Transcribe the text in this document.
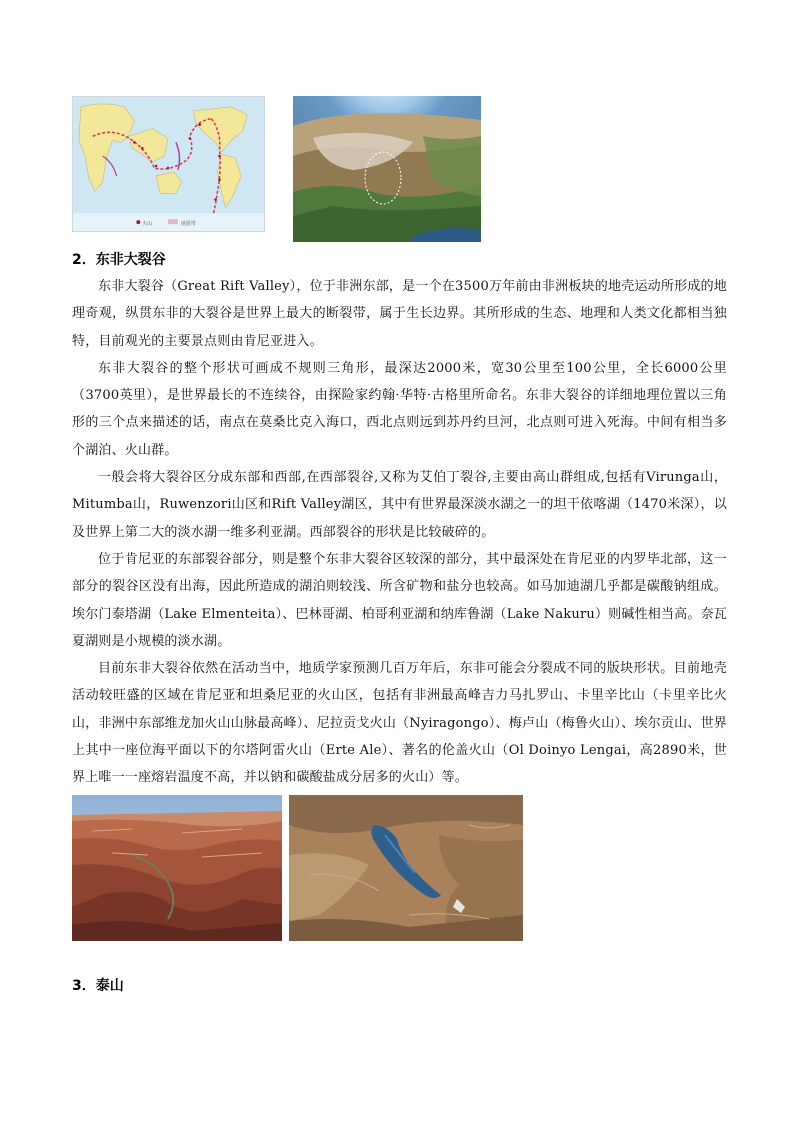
火山	地震带
2．东非大裂谷

东非大裂谷（Great Rift Valley），位于非洲东部，是一个在3500万年前由非洲板块的地壳运动所形成的地理奇观，纵贯东非的大裂谷是世界上最大的断裂带，属于生长边界。其所形成的生态、地理和人类文化都相当独特，目前观光的主要景点则由肯尼亚进入。

东非大裂谷的整个形状可画成不规则三角形，最深达2000米，宽30公里至100公里，全长6000公里（3700英里），是世界最长的不连续谷，由探险家约翰·华特·古格里所命名。东非大裂谷的详细地理位置以三角形的三个点来描述的话，南点在莫桑比克入海口，西北点则远到苏丹约旦河，北点则可进入死海。中间有相当多个湖泊、火山群。

一般会将大裂谷区分成东部和西部,在西部裂谷,又称为艾伯丁裂谷,主要由高山群组成,包括有Virunga山，Mitumba山，Ruwenzori山区和Rift Valley湖区，其中有世界最深淡水湖之一的坦干依喀湖（1470米深），以及世界上第二大的淡水湖一维多利亚湖。西部裂谷的形状是比较破碎的。

位于肯尼亚的东部裂谷部分，则是整个东非大裂谷区较深的部分，其中最深处在肯尼亚的内罗毕北部，这一部分的裂谷区没有出海，因此所造成的湖泊则较浅、所含矿物和盐分也较高。如马加迪湖几乎都是碳酸钠组成。埃尔门泰塔湖（Lake Elmenteita）、巴林哥湖、柏哥利亚湖和纳库鲁湖（Lake Nakuru）则碱性相当高。奈瓦夏湖则是小规模的淡水湖。

目前东非大裂谷依然在活动当中，地质学家预测几百万年后，东非可能会分裂成不同的版块形状。目前地壳活动较旺盛的区域在肯尼亚和坦桑尼亚的火山区，包括有非洲最高峰吉力马扎罗山、卡里辛比山（卡里辛比火山，非洲中东部维龙加火山山脉最高峰）、尼拉贡戈火山（Nyiragongo）、梅卢山（梅鲁火山）、埃尔贡山、世界上其中一座位海平面以下的尔塔阿雷火山（Erte Ale）、著名的伦盖火山（Ol Doinyo Lengai，高2890米，世界上唯一一座熔岩温度不高，并以钠和碳酸盐成分居多的火山）等。

3．泰山
